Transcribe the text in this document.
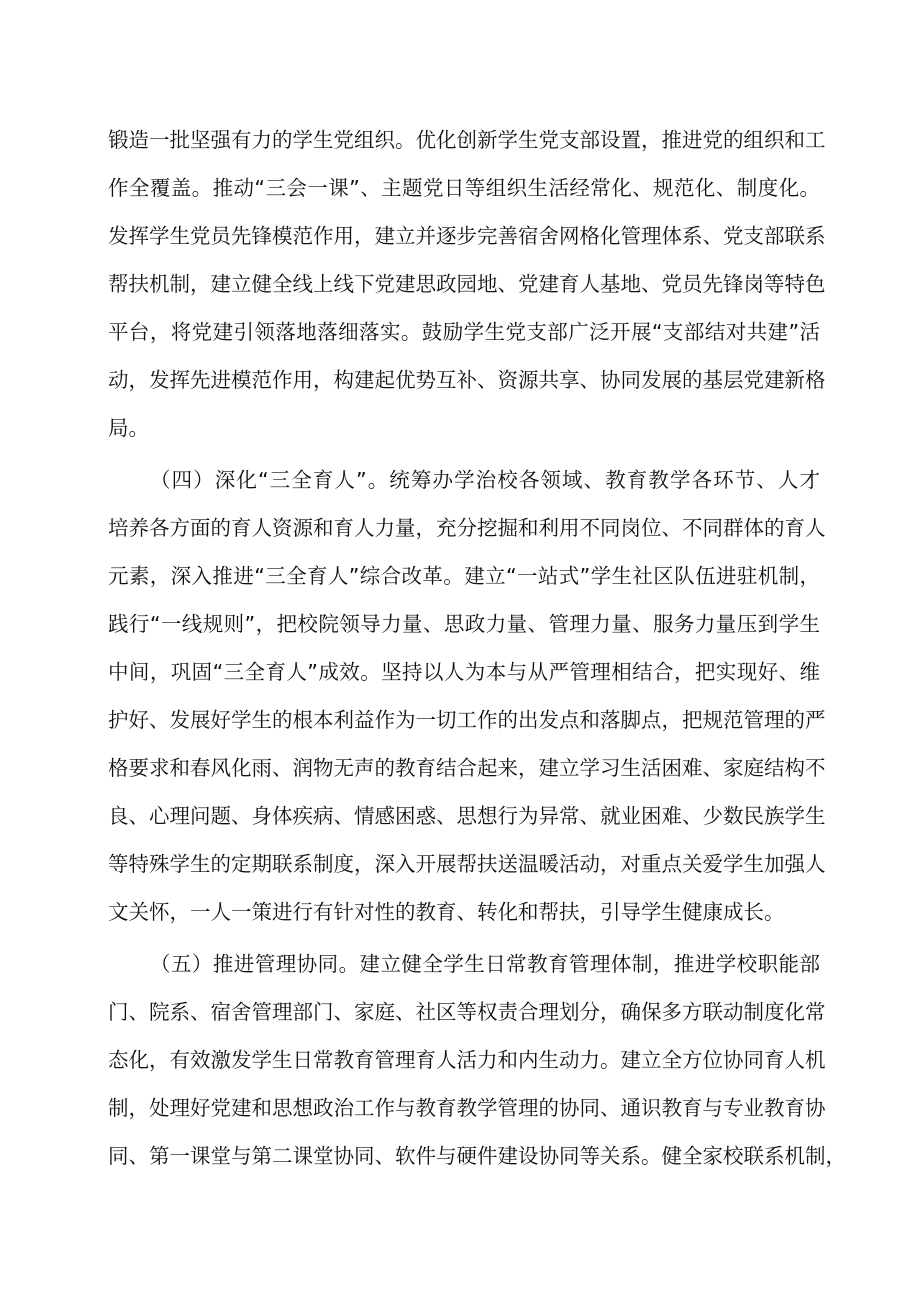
锻造一批坚强有力的学生党组织。优化创新学生党支部设置，推进党的组织和工
作全覆盖。推动“三会一课”、主题党日等组织生活经常化、规范化、制度化。
发挥学生党员先锋模范作用，建立并逐步完善宿舍网格化管理体系、党支部联系
帮扶机制，建立健全线上线下党建思政园地、党建育人基地、党员先锋岗等特色
平台，将党建引领落地落细落实。鼓励学生党支部广泛开展“支部结对共建”活
动，发挥先进模范作用，构建起优势互补、资源共享、协同发展的基层党建新格
局。
（四）深化“三全育人”。统筹办学治校各领域、教育教学各环节、人才
培养各方面的育人资源和育人力量，充分挖掘和利用不同岗位、不同群体的育人
元素，深入推进“三全育人”综合改革。建立“一站式”学生社区队伍进驻机制，
践行“一线规则”，把校院领导力量、思政力量、管理力量、服务力量压到学生
中间，巩固“三全育人”成效。坚持以人为本与从严管理相结合，把实现好、维
护好、发展好学生的根本利益作为一切工作的出发点和落脚点，把规范管理的严
格要求和春风化雨、润物无声的教育结合起来，建立学习生活困难、家庭结构不
良、心理问题、身体疾病、情感困惑、思想行为异常、就业困难、少数民族学生
等特殊学生的定期联系制度，深入开展帮扶送温暖活动，对重点关爱学生加强人
文关怀，一人一策进行有针对性的教育、转化和帮扶，引导学生健康成长。
（五）推进管理协同。建立健全学生日常教育管理体制，推进学校职能部
门、院系、宿舍管理部门、家庭、社区等权责合理划分，确保多方联动制度化常
态化，有效激发学生日常教育管理育人活力和内生动力。建立全方位协同育人机
制，处理好党建和思想政治工作与教育教学管理的协同、通识教育与专业教育协
同、第一课堂与第二课堂协同、软件与硬件建设协同等关系。健全家校联系机制，
